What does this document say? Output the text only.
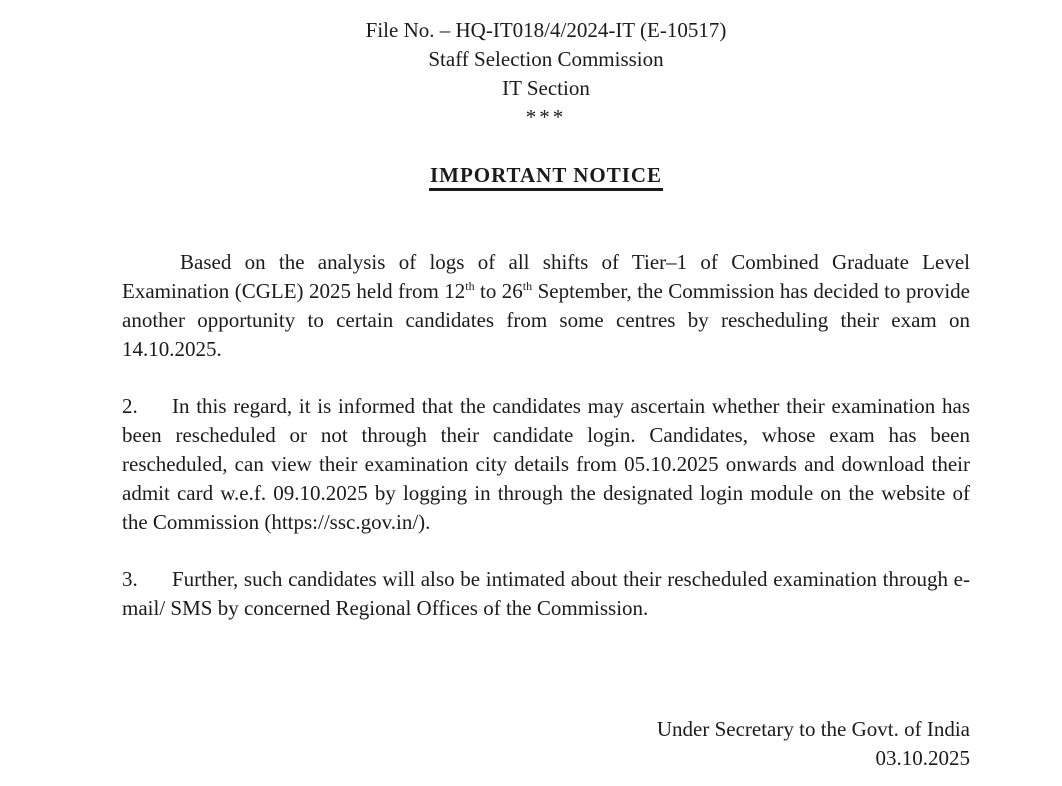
File No. – HQ-IT018/4/2024-IT (E-10517)
Staff Selection Commission
IT Section
***
IMPORTANT NOTICE

Based on the analysis of logs of all shifts of Tier–1 of Combined Graduate Level Examination (CGLE) 2025 held from 12th to 26th September, the Commission has decided to provide another opportunity to certain candidates from some centres by rescheduling their exam on 14.10.2025.

2. In this regard, it is informed that the candidates may ascertain whether their examination has been rescheduled or not through their candidate login. Candidates, whose exam has been rescheduled, can view their examination city details from 05.10.2025 onwards and download their admit card w.e.f. 09.10.2025 by logging in through the designated login module on the website of the Commission (https://ssc.gov.in/).

3. Further, such candidates will also be intimated about their rescheduled examination through e-mail/ SMS by concerned Regional Offices of the Commission.

Under Secretary to the Govt. of India
03.10.2025
